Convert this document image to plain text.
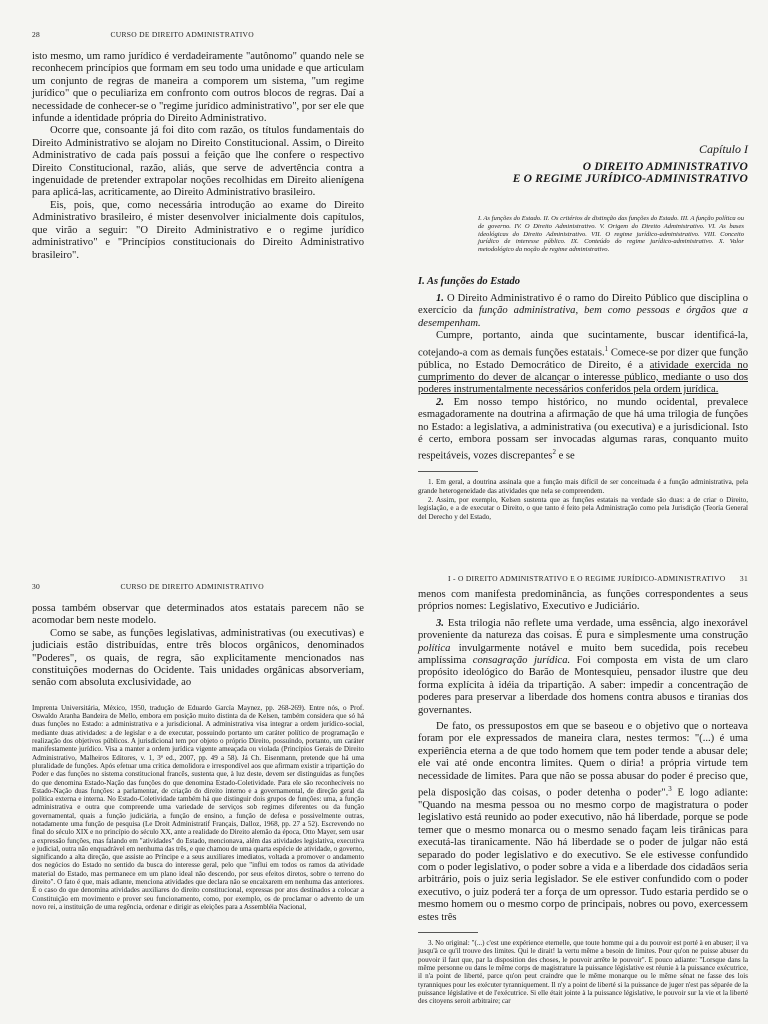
28	CURSO DE DIREITO ADMINISTRATIVO

isto mesmo, um ramo jurídico é verdadeiramente "autônomo" quando nele se reconhecem princípios que formam em seu todo uma unidade e que articulam um conjunto de regras de maneira a comporem um sistema, "um regime jurídico" que o peculiariza em confronto com outros blocos de regras. Daí a necessidade de conhecer-se o "regime jurídico administrativo", por ser ele que infunde a identidade própria do Direito Administrativo.

Ocorre que, consoante já foi dito com razão, os títulos fundamentais do Direito Administrativo se alojam no Direito Constitucional. Assim, o Direito Administrativo de cada país possui a feição que lhe confere o respectivo Direito Constitucional, razão, aliás, que serve de advertência contra a ingenuidade de pretender extrapolar noções recolhidas em Direito alienígena para aplicá-las, acriticamente, ao Direito Administrativo brasileiro.

Eis, pois, que, como necessária introdução ao exame do Direito Administrativo brasileiro, é mister desenvolver inicialmente dois capítulos, que virão a seguir: "O Direito Administrativo e o regime jurídico administrativo" e "Princípios constitucionais do Direito Administrativo brasileiro".

Capítulo I
O DIREITO ADMINISTRATIVO
E O REGIME JURÍDICO-ADMINISTRATIVO
I. As funções do Estado. II. Os critérios de distinção das funções do Estado. III. A função política ou de governo. IV. O Direito Administrativo. V. Origem do Direito Administrativo. VI. As bases ideológicas do Direito Administrativo. VII. O regime jurídico-administrativo. VIII. Conceito jurídico de interesse público. IX. Conteúdo do regime jurídico-administrativo. X. Valor metodológico da noção de regime administrativo.
I. As funções do Estado

1. O Direito Administrativo é o ramo do Direito Público que disciplina o exercício da função administrativa, bem como pessoas e órgãos que a desempenham.

Cumpre, portanto, ainda que sucintamente, buscar identificá-la, cotejando-a com as demais funções estatais.$^1$ Comece-se por dizer que função pública, no Estado Democrático de Direito, é a atividade exercida no cumprimento do dever de alcançar o interesse público, mediante o uso dos poderes instrumentalmente necessários conferidos pela ordem jurídica.

2. Em nosso tempo histórico, no mundo ocidental, prevalece esmagadoramente na doutrina a afirmação de que há uma trilogia de funções no Estado: a legislativa, a administrativa (ou executiva) e a jurisdicional. Isto é certo, embora possam ser invocadas algumas raras, conquanto muito respeitáveis, vozes discrepantes$^2$ e se

1. Em geral, a doutrina assinala que a função mais difícil de ser conceituada é a função administrativa, pela grande heterogeneidade das atividades que nela se compreendem.

2. Assim, por exemplo, Kelsen sustenta que as funções estatais na verdade são duas: a de criar o Direito, legislação, e a de executar o Direito, o que tanto é feito pela Administração como pela Jurisdição (Teoría General del Derecho y del Estado,

30	CURSO DE DIREITO ADMINISTRATIVO

possa também observar que determinados atos estatais parecem não se acomodar bem neste modelo.

Como se sabe, as funções legislativas, administrativas (ou executivas) e judiciais estão distribuídas, entre três blocos orgânicos, denominados "Poderes", os quais, de regra, são explicitamente mencionados nas constituições modernas do Ocidente. Tais unidades orgânicas absorveriam, senão com absoluta exclusividade, ao

Imprenta Universitária, México, 1950, tradução de Eduardo García Maynez, pp. 268-269). Entre nós, o Prof. Oswaldo Aranha Bandeira de Mello, embora em posição muito distinta da de Kelsen, também considera que só há duas funções no Estado: a administrativa e a jurisdicional. A administrativa visa integrar a ordem jurídico-social, mediante duas atividades: a de legislar e a de executar, possuindo portanto um caráter político de programação e realização dos objetivos públicos. A jurisdicional tem por objeto o próprio Direito, possuindo, portanto, um caráter manifestamente jurídico. Visa a manter a ordem jurídica vigente ameaçada ou violada (Princípios Gerais de Direito Administrativo, Malheiros Editores, v. 1, 3ª ed., 2007, pp. 49 a 58). Já Ch. Eisenmann, pretende que há uma pluralidade de funções. Após efetuar uma crítica demolidora e irrespondível aos que afirmam existir a tripartição do Poder e das funções no sistema constitucional francês, sustenta que, à luz deste, devem ser distinguidas as funções do que denomina Estado-Nação das funções do que denomina Estado-Coletividade. Para ele são reconhecíveis no Estado-Nação duas funções: a parlamentar, de criação do direito interno e a governamental, de direção geral da política externa e interna. No Estado-Coletividade também há que distinguir dois grupos de funções: uma, a função administrativa e outra que compreende uma variedade de serviços sob regimes diferentes ou da função governamental, quais a função judiciária, a função de ensino, a função de defesa e possivelmente outras, notadamente uma função de pesquisa (Le Droit Administratif Français, Dalloz, 1968, pp. 27 a 52). Escrevendo no final do século XIX e no princípio do século XX, ante a realidade do Direito alemão da época, Otto Mayer, sem usar a expressão funções, mas falando em "atividades" do Estado, mencionava, além das atividades legislativa, executiva e judicial, outra não enquadrável em nenhuma das três, e que chamou de uma quarta espécie de atividade, o governo, significando a alta direção, que assiste ao Príncipe e a seus auxiliares imediatos, voltada a promover o andamento dos negócios do Estado no sentido da busca do interesse geral, pelo que "influi em todos os ramos da atividade material do Estado, mas permanece em um plano ideal não descendo, por seus efeitos diretos, sobre o terreno do direito". O fato é que, mais adiante, menciona atividades que declara não se encaixarem em nenhuma das anteriores. É o caso do que denomina atividades auxiliares do direito constitucional, expressas por atos destinados a colocar a Constituição em movimento e prover seu funcionamento, como, por exemplo, os de proclamar o advento de um novo rei, a instituição de uma regência, ordenar e dirigir as eleições para a Assembléia Nacional,

I - O DIREITO ADMINISTRATIVO E O REGIME JURÍDICO-ADMINISTRATIVO 31

menos com manifesta predominância, as funções correspondentes a seus próprios nomes: Legislativo, Executivo e Judiciário.

3. Esta trilogia não reflete uma verdade, uma essência, algo inexorável proveniente da natureza das coisas. É pura e simplesmente uma construção política invulgarmente notável e muito bem sucedida, pois recebeu amplíssima consagração jurídica. Foi composta em vista de um claro propósito ideológico do Barão de Montesquieu, pensador ilustre que deu forma explícita à idéia da tripartição. A saber: impedir a concentração de poderes para preservar a liberdade dos homens contra abusos e tiranias dos governantes.

De fato, os pressupostos em que se baseou e o objetivo que o norteava foram por ele expressados de maneira clara, nestes termos: "(...) é uma experiência eterna a de que todo homem que tem poder tende a abusar dele; ele vai até onde encontra limites. Quem o diria! a própria virtude tem necessidade de limites. Para que não se possa abusar do poder é preciso que, pela disposição das coisas, o poder detenha o poder".$^3$ E logo adiante: "Quando na mesma pessoa ou no mesmo corpo de magistratura o poder legislativo está reunido ao poder executivo, não há liberdade, porque se pode temer que o mesmo monarca ou o mesmo senado façam leis tirânicas para executá-las tiranicamente. Não há liberdade se o poder de julgar não está separado do poder legislativo e do executivo. Se ele estivesse confundido com o poder legislativo, o poder sobre a vida e a liberdade dos cidadãos seria arbitrário, pois o juiz seria legislador. Se ele estiver confundido com o poder executivo, o juiz poderá ter a força de um opressor. Tudo estaria perdido se o mesmo homem ou o mesmo corpo de principais, nobres ou povo, exercessem estes três

3. No original: "(...) c'est une expérience eternelle, que toute homme qui a du pouvoir est porté à en abuser; il va jusqu'à ce qu'il trouve des limites. Qui le dirait! la vertu même a besoin de limites. Pour qu'on ne puisse abuser du pouvoir il faut que, par la disposition des choses, le pouvoir arrête le pouvoir". E pouco adiante: "Lorsque dans la même personne ou dans le même corps de magistrature la puissance législative est réunie à la puissance exécutrice, il n'a point de liberté, parce qu'on peut craindre que le même monarque ou le même sénat ne fasse des lois tyranniques pour les exécuter tyranniquement. Il n'y a point de liberté si la puissance de juger n'est pas séparée de la puissance législative et de l'exécutrice. Si elle était jointe à la puissance législative, le pouvoir sur la vie et la liberté des citoyens seroit arbitraire; car
